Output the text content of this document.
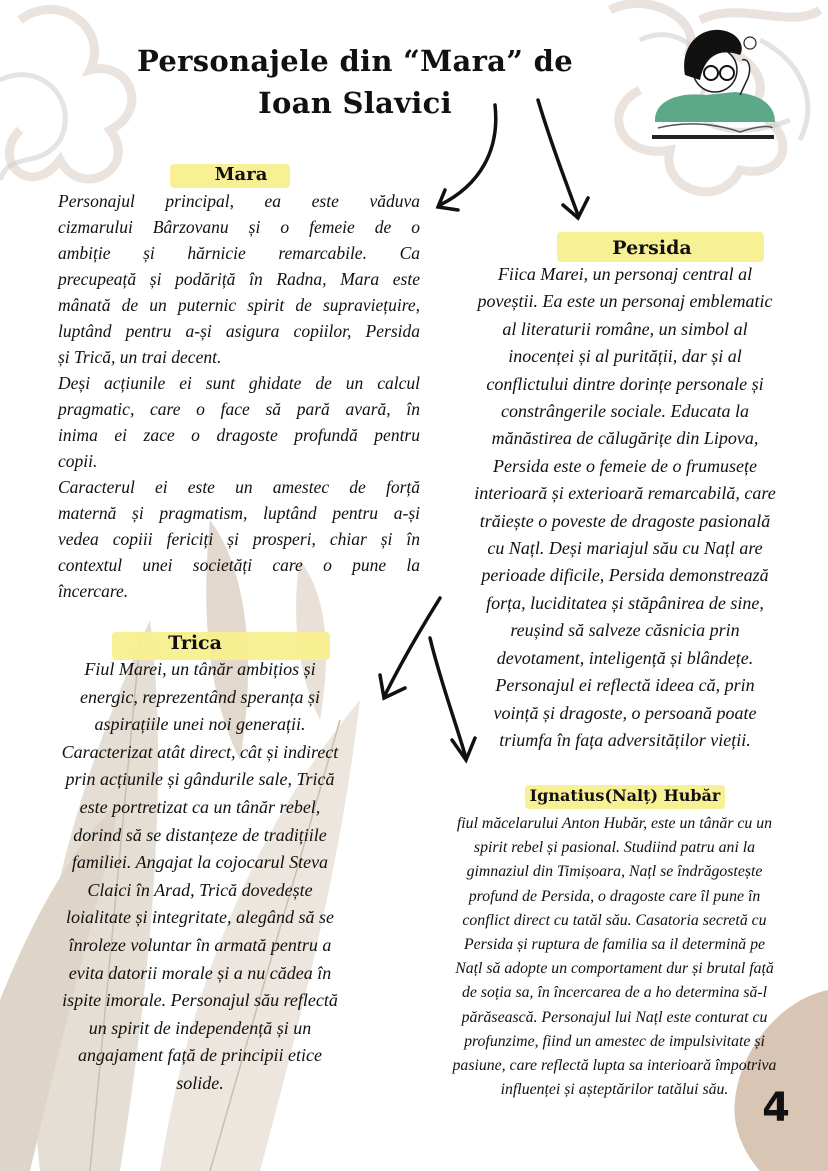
Personajele din “Mara” de
Ioan Slavici
Mara
Personajul principal, ea este văduva
cizmarului Bârzovanu și o femeie de o
ambiție și hărnicie remarcabile. Ca
precupeață și podăriță în Radna, Mara este
mânată de un puternic spirit de supraviețuire,
luptând pentru a-și asigura copiilor, Persida
și Trică, un trai decent.
Deși acțiunile ei sunt ghidate de un calcul
pragmatic, care o face să pară avară, în
inima ei zace o dragoste profundă pentru
copii.
Caracterul ei este un amestec de forță
maternă și pragmatism, luptând pentru a-și
vedea copiii fericiți și prosperi, chiar și în
contextul unei societăți care o pune la
încercare.
Persida
Fiica Marei, un personaj central al
poveștii. Ea este un personaj emblematic
al literaturii române, un simbol al
inocenței și al purității, dar și al
conflictului dintre dorințe personale și
constrângerile sociale. Educata la
mănăstirea de călugărițe din Lipova,
Persida este o femeie de o frumusețe
interioară și exterioară remarcabilă, care
trăiește o poveste de dragoste pasională
cu Națl. Deși mariajul său cu Națl are
perioade dificile, Persida demonstrează
forța, luciditatea și stăpânirea de sine,
reușind să salveze căsnicia prin
devotament, inteligență și blândețe.
Personajul ei reflectă ideea că, prin
voință și dragoste, o persoană poate
triumfa în fața adversităților vieții.
Trica
Fiul Marei, un tânăr ambițios și
energic, reprezentând speranța și
aspirațiile unei noi generații.
Caracterizat atât direct, cât și indirect
prin acțiunile și gândurile sale, Trică
este portretizat ca un tânăr rebel,
dorind să se distanțeze de tradițiile
familiei. Angajat la cojocarul Steva
Claici în Arad, Trică dovedește
loialitate și integritate, alegând să se
înroleze voluntar în armată pentru a
evita datorii morale și a nu cădea în
ispite imorale. Personajul său reflectă
un spirit de independență și un
angajament față de principii etice
solide.
Ignatius(Nalț) Hubăr
fiul măcelarului Anton Hubăr, este un tânăr cu un
spirit rebel și pasional. Studiind patru ani la
gimnaziul din Timișoara, Națl se îndrăgostește
profund de Persida, o dragoste care îl pune în
conflict direct cu tatăl său. Casatoria secretă cu
Persida și ruptura de familia sa il determină pe
Națl să adopte un comportament dur și brutal față
de soția sa, în încercarea de a ho determina să-l
părăsească. Personajul lui Națl este conturat cu
profunzime, fiind un amestec de impulsivitate și
pasiune, care reflectă lupta sa interioară împotriva
influenței și așteptărilor tatălui său. 4
